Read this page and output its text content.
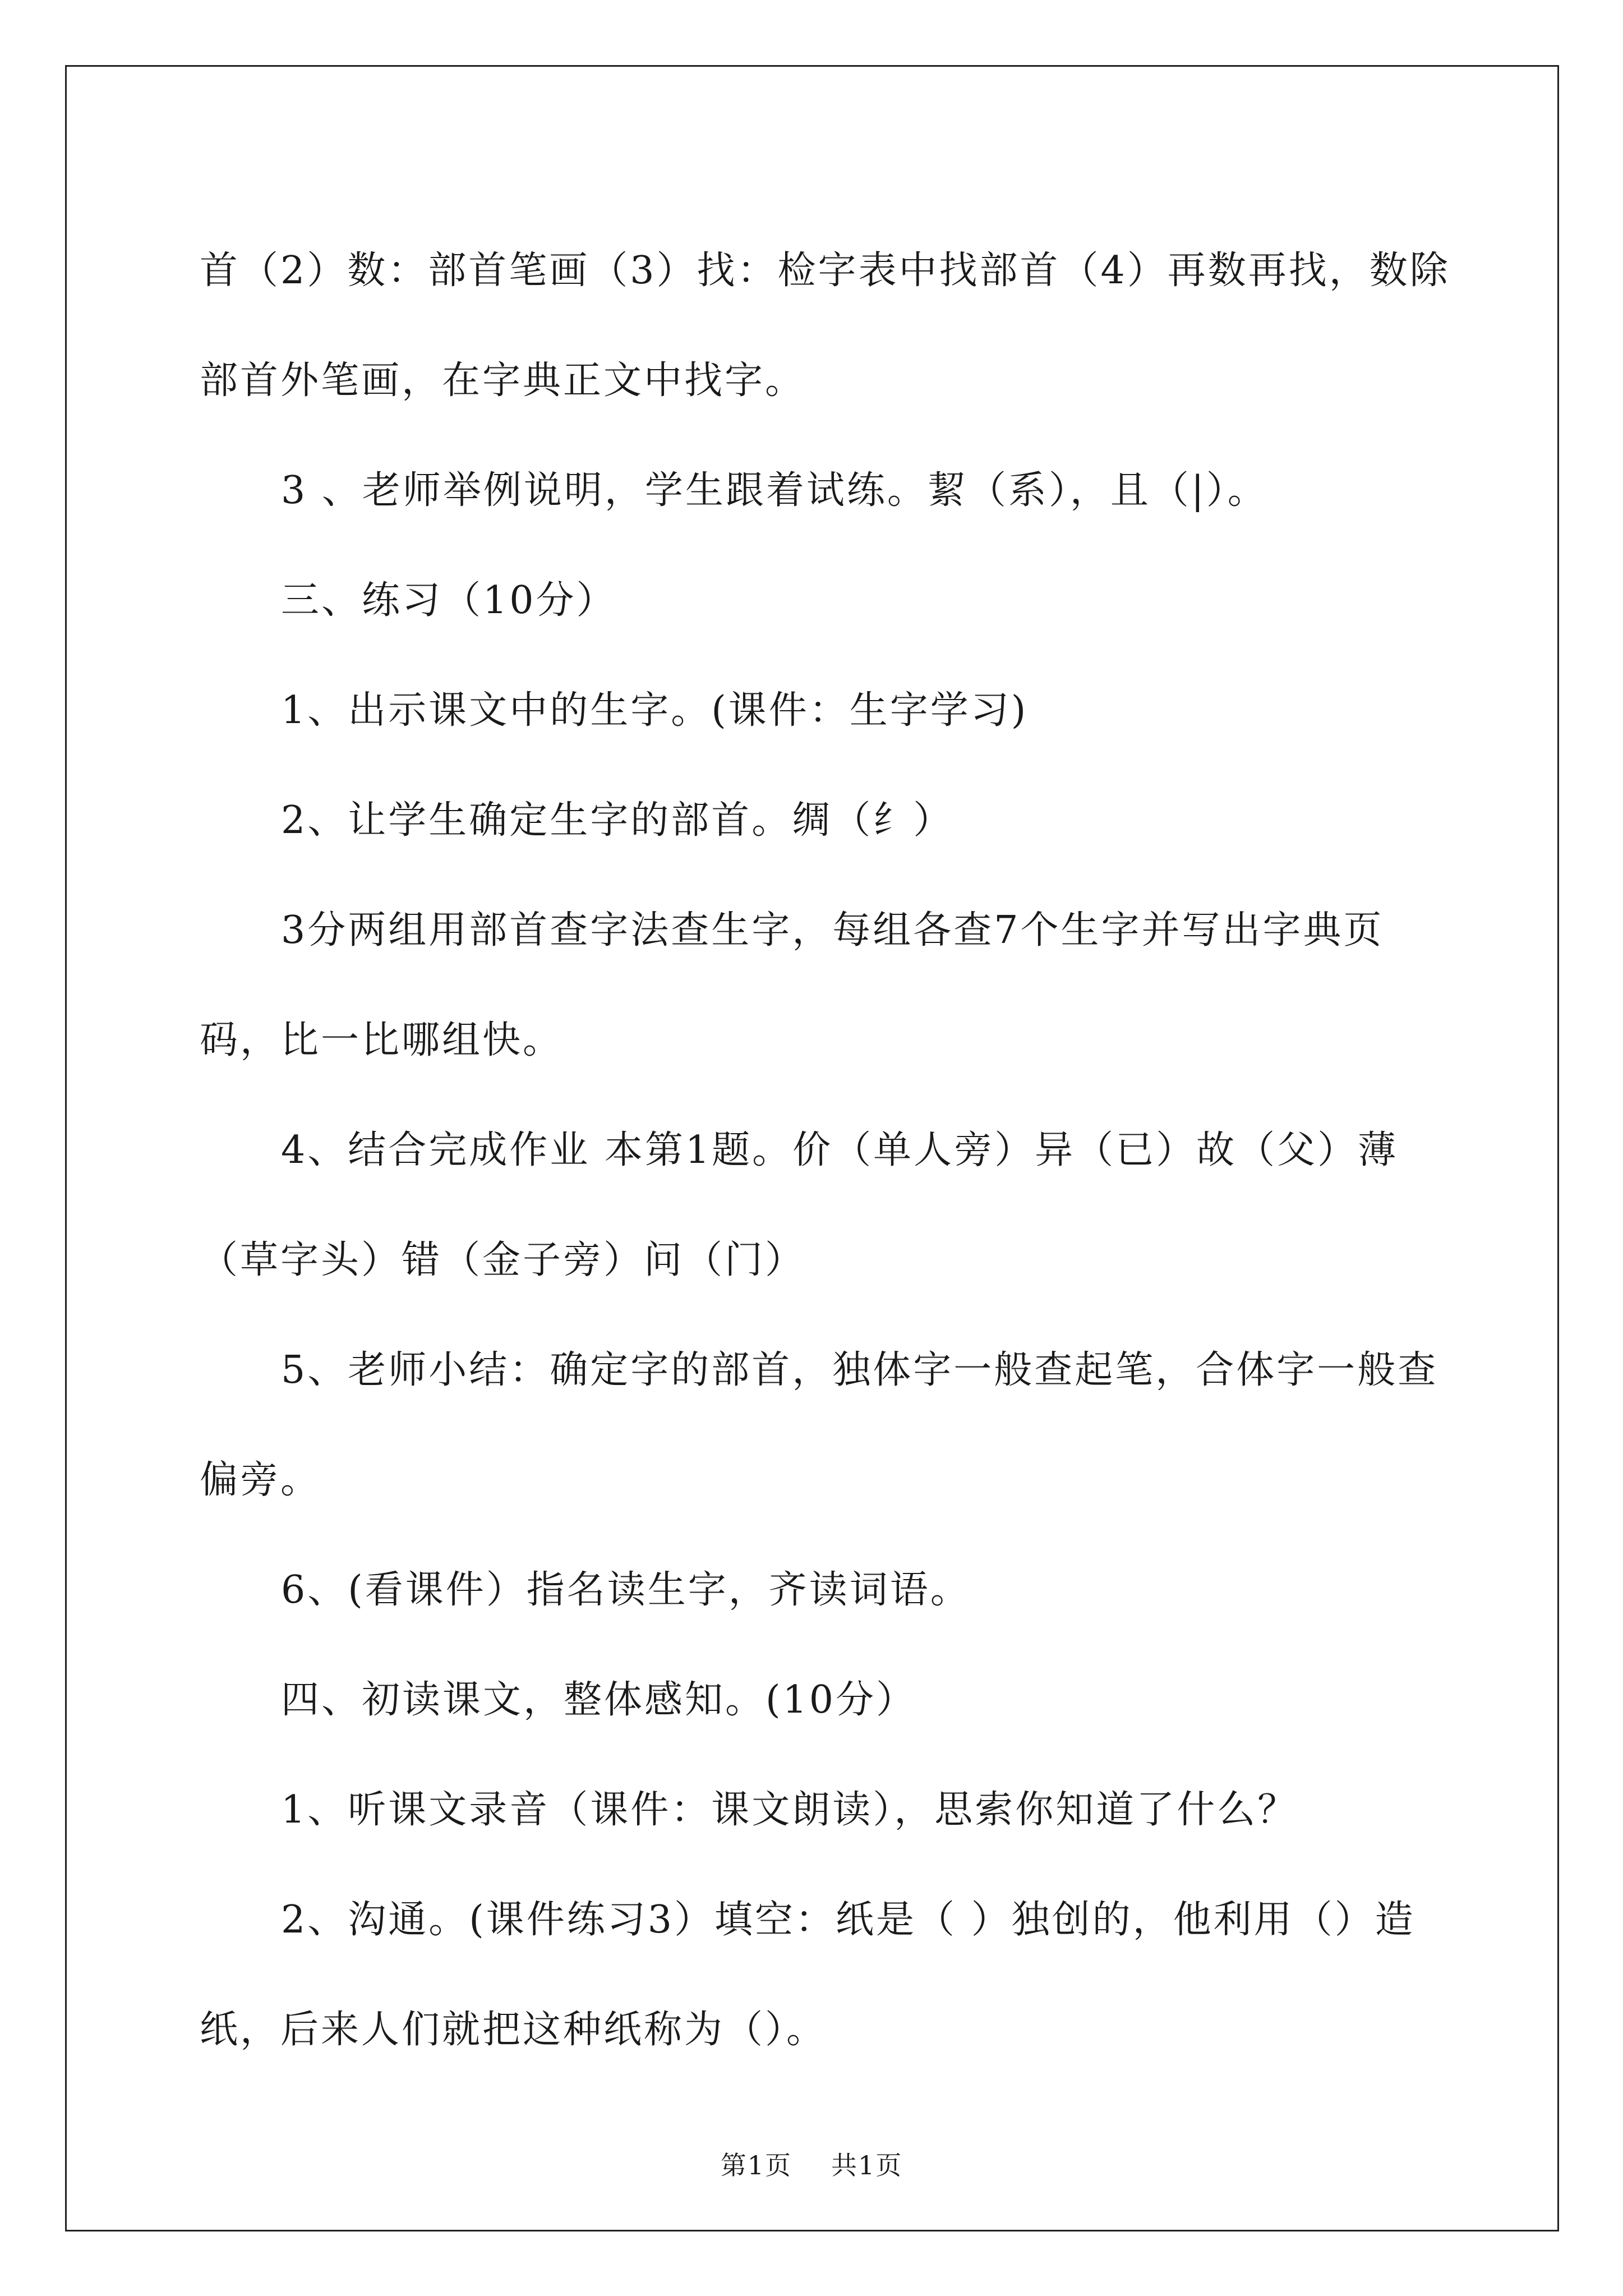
首（2）数：部首笔画（3）找：检字表中找部首（4）再数再找，数除

部首外笔画，在字典正文中找字。

3 、老师举例说明，学生跟着试练。絜（系），且（|）。

三、练习（10分）

1、出示课文中的生字。(课件：生字学习)

2、让学生确定生字的部首。绸（纟）

3分两组用部首查字法查生字，每组各查7个生字并写出字典页

码，比一比哪组快。

4、结合完成作业 本第1题。价（单人旁）异（已）故（父）薄

（草字头）错（金子旁）问（门）

5、老师小结：确定字的部首，独体字一般查起笔，合体字一般查

偏旁。

6、(看课件）指名读生字，齐读词语。

四、初读课文，整体感知。(10分）

1、听课文录音（课件：课文朗读），思索你知道了什么？

2、沟通。(课件练习3）填空：纸是（ ）独创的，他利用（）造

纸，后来人们就把这种纸称为（）。

第1页 共1页
